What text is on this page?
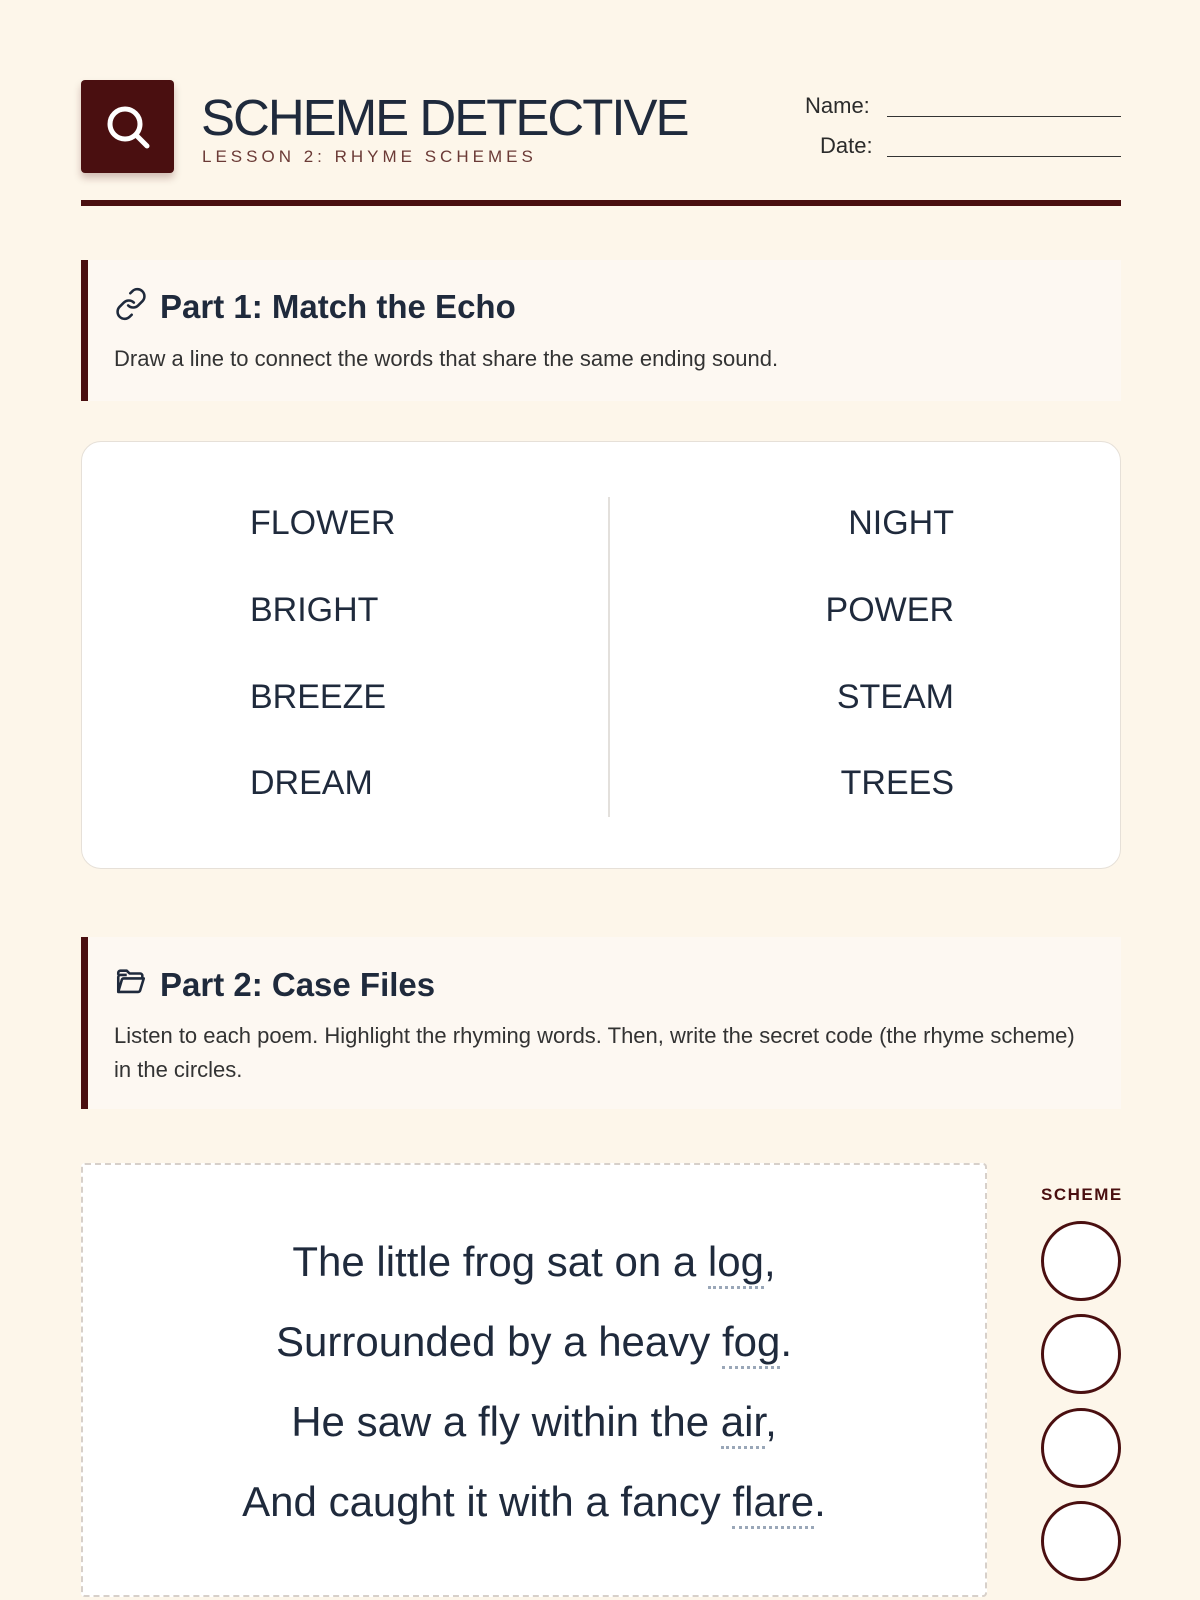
SCHEME DETECTIVE
LESSON 2: RHYME SCHEMES
Name:
Date:
Part 1: Match the Echo
Draw a line to connect the words that share the same ending sound.
FLOWER
BRIGHT
BREEZE
DREAM
NIGHT
POWER
STEAM
TREES
Part 2: Case Files
Listen to each poem. Highlight the rhyming words. Then, write the secret code (the rhyme scheme) in the circles.
The little frog sat on a log,
Surrounded by a heavy fog.
He saw a fly within the air,
And caught it with a fancy flare.
SCHEME
